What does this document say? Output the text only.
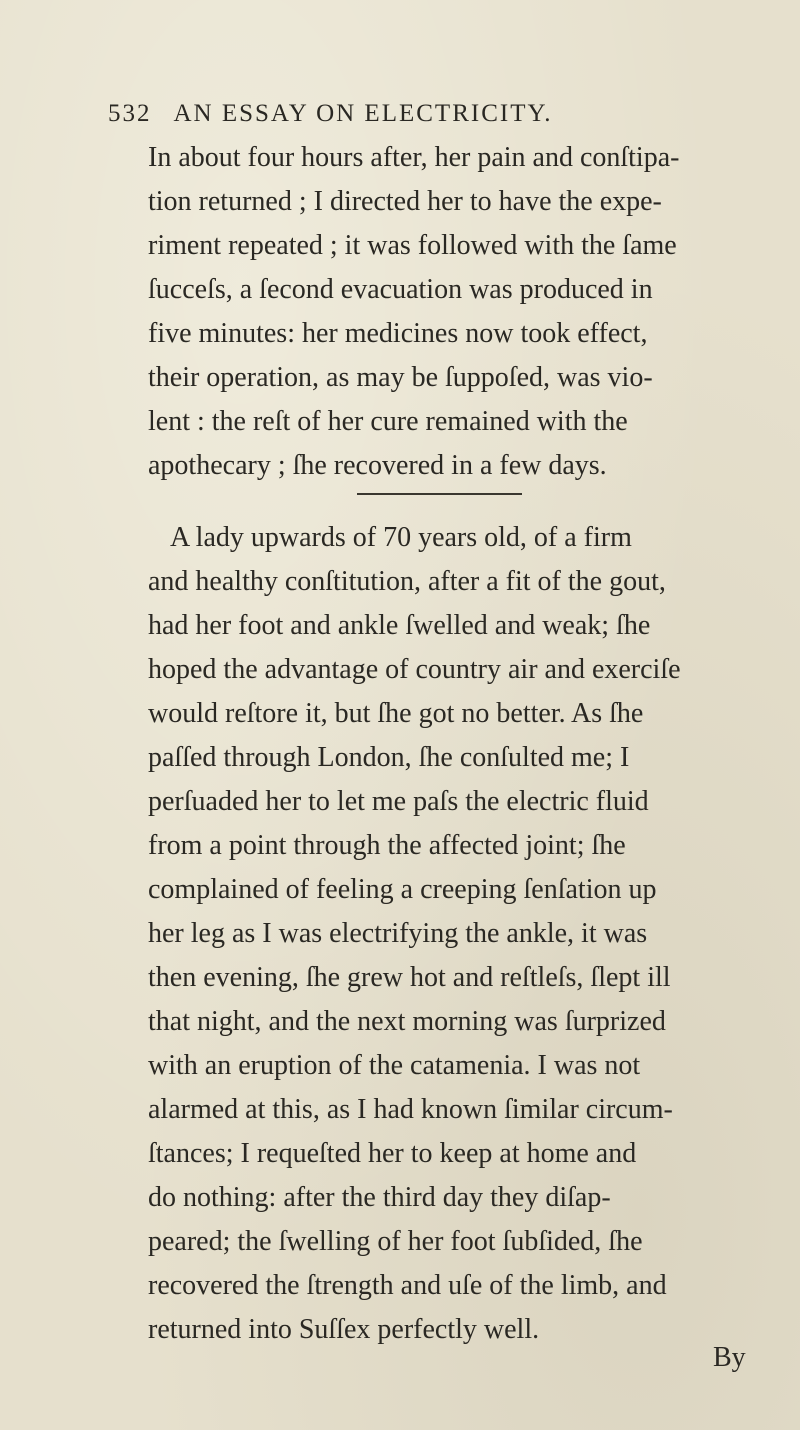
532 AN ESSAY ON ELECTRICITY.
In about four hours after, her pain and conſtipa-
tion returned ; I directed her to have the expe-
riment repeated ; it was followed with the ſame
ſucceſs, a ſecond evacuation was produced in
five minutes: her medicines now took effect,
their operation, as may be ſuppoſed, was vio-
lent : the reſt of her cure remained with the
apothecary ; ſhe recovered in a few days.
A lady upwards of 70 years old, of a firm
and healthy conſtitution, after a fit of the gout,
had her foot and ankle ſwelled and weak; ſhe
hoped the advantage of country air and exerciſe
would reſtore it, but ſhe got no better. As ſhe
paſſed through London, ſhe conſulted me; I
perſuaded her to let me paſs the electric fluid
from a point through the affected joint; ſhe
complained of feeling a creeping ſenſation up
her leg as I was electrifying the ankle, it was
then evening, ſhe grew hot and reſtleſs, ſlept ill
that night, and the next morning was ſurprized
with an eruption of the catamenia. I was not
alarmed at this, as I had known ſimilar circum-
ſtances; I requeſted her to keep at home and
do nothing: after the third day they diſap-
peared; the ſwelling of her foot ſubſided, ſhe
recovered the ſtrength and uſe of the limb, and
returned into Suſſex perfectly well.
By
